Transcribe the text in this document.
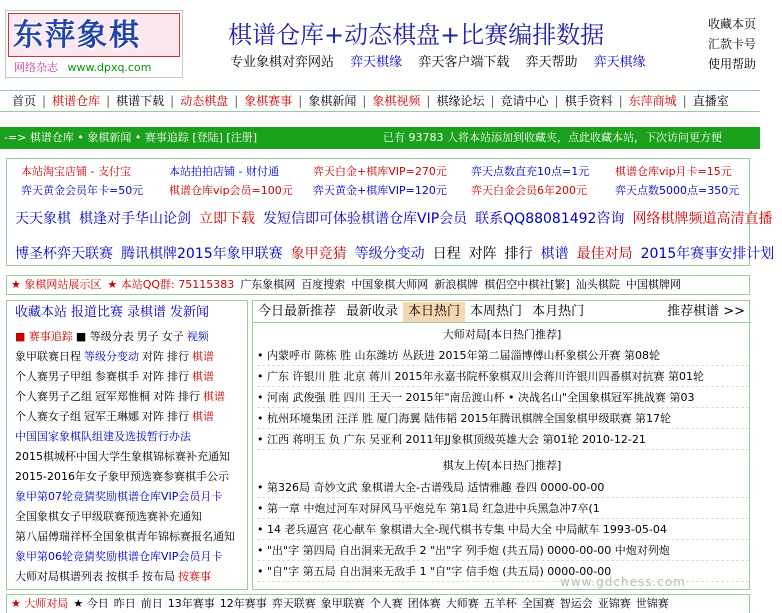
东萍象棋
网络杂志 www.dpxq.com
棋谱仓库+动态棋盘+比赛编排数据
专业象棋对弈网站 弈天棋缘 弈天客户端下载 弈天帮助 弈天棋缘
收藏本页
汇款卡号
使用帮助
首页 | 棋谱仓库 | 棋谱下载 | 动态棋盘 | 象棋赛事 | 象棋新闻 | 象棋视频 | 棋缘论坛 | 竞请中心 | 棋手资料 | 东萍商城 | 直播室
-=> 棋谱仓库 • 象棋新闻 • 赛事追踪 [登陆] [注册]	已有 93783 人将本站添加到收藏夹，点此收藏本站，下次访问更方便
本站淘宝店铺 - 支付宝	本站拍拍店铺 - 财付通	弈天白金+棋库VIP=270元 弈天点数直充10点=1元 棋谱仓库vip月卡=15元
弈天黄金会员年卡=50元 棋谱仓库vip会员=100元 弈天黄金+棋库VIP=120元 弈天白金会员6年200元	弈天点数5000点=350元
天天象棋 棋逢对手华山论剑 立即下载 发短信即可体验棋谱仓库VIP会员 联系QQ88081492咨询 网络棋牌频道高清直播
博圣杯弈天联赛 腾讯棋牌2015年象甲联赛 象甲竞猜 等级分变动 日程 对阵 排行 棋谱 最佳对局 2015年赛事安排计划
★ 象棋网站展示区 ★ 本站QQ群: 75115383 广东象棋网 百度搜索 中国象棋大师网 新浪棋牌 棋侣空中棋社[繁] 汕头棋院 中国棋牌网
收藏本站 报道比赛 录棋谱 发新闻
■ 赛事追踪 ■ 等级分表 男子 女子 视频
象甲联赛日程 等级分变动 对阵 排行 棋谱
个人赛男子甲组 参赛棋手 对阵 排行 棋谱
个人赛男子乙组 冠军郑惟桐 对阵 排行 棋谱
个人赛女子组 冠军王琳娜 对阵 排行 棋谱
中国国家象棋队组建及选拔暂行办法
2015棋城杯中国大学生象棋锦标赛补充通知
2015-2016年女子象甲预选赛参赛棋手公示
象甲第07轮竞猜奖励棋谱仓库VIP会员月卡
全国象棋女子甲级联赛预选赛补充通知
第八届傅瑞祥杯全国象棋青年锦标赛报名通知
象甲第06轮竞猜奖励棋谱仓库VIP会员月卡
大师对局棋谱列表 按棋手 按布局 按赛事
今日最新推荐 最新收录 本日热门 本周热门 本月热门	推荐棋谱 >>
大师对局[本日热门推荐]
• 内蒙呼市 陈栋 胜 山东潍坊 丛跃进 2015年第二届淄博傅山杯象棋公开赛 第08轮
• 广东 许银川 胜 北京 蒋川 2015年永嘉书院杯象棋双川会蒋川许银川四番棋对抗赛 第01轮
• 河南 武俊强 胜 四川 王天一 2015年"南岳渡山杯 • 决战名山"全国象棋冠军挑战赛 第03
• 杭州环境集团 汪洋 胜 厦门海翼 陆伟韬 2015年腾讯棋牌全国象棋甲级联赛 第17轮
• 江西 蒋明玉 负 广东 吴亚利 2011年JJ象棋顶级英雄大会 第01轮 2010-12-21
棋友上传[本日热门推荐]
• 第326局 奇妙文武 象棋谱大全-古谱残局 适情雅趣 卷四 0000-00-00
• 第一章 中炮过河车对屏风马平炮兑车 第1局 红急进中兵黑急冲7卒(1
• 14 老兵逼宫 花心献车 象棋谱大全-现代棋书专集 中局大全 中局献车 1993-05-04
• "出"字 第四局 自出洞来无敌手 2 "出"字 列手炮 (共五局) 0000-00-00 中炮对列炮
• "自"字 第五局 自出洞来无敌手 1 "自"字 信手炮 (共五局) 0000-00-00
www.gdchess.com
★ 大师对局 ★ 今日 昨日 前日 13年赛事 12年赛事 弈天联赛 象甲联赛 个人赛 团体赛 大师赛 五羊杯 全国赛 智运会 亚锦赛 世锦赛
